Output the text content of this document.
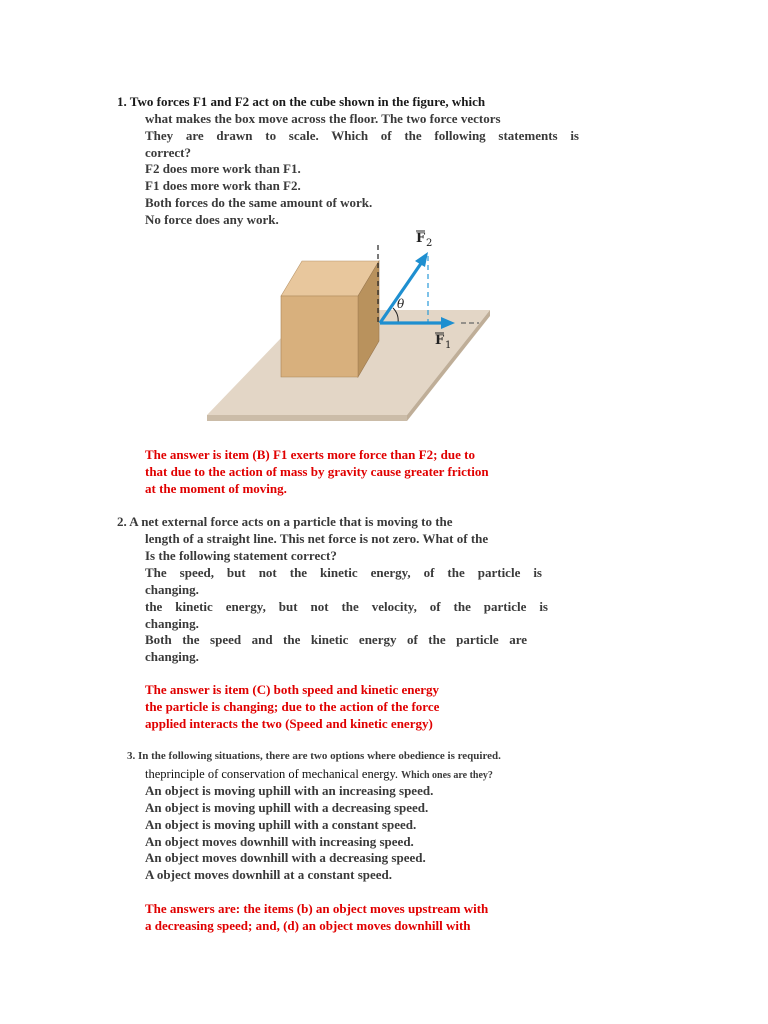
1. Two forces F1 and F2 act on the cube shown in the figure, which
what makes the box move across the floor. The two force vectors
They are drawn to scale. Which of the following statements is
correct?
F2 does more work than F1.
F1 does more work than F2.
Both forces do the same amount of work.
No force does any work.
θ
F 2
F 1
The answer is item (B) F1 exerts more force than F2; due to
that due to the action of mass by gravity cause greater friction
at the moment of moving.
2. A net external force acts on a particle that is moving to the
length of a straight line. This net force is not zero. What of the
Is the following statement correct?
The speed, but not the kinetic energy, of the particle is
changing.
the kinetic energy, but not the velocity, of the particle is
changing.
Both the speed and the kinetic energy of the particle are
changing.
The answer is item (C) both speed and kinetic energy
the particle is changing; due to the action of the force
applied interacts the two (Speed and kinetic energy)
3. In the following situations, there are two options where obedience is required.
theprinciple of conservation of mechanical energy. Which ones are they?
An object is moving uphill with an increasing speed.
An object is moving uphill with a decreasing speed.
An object is moving uphill with a constant speed.
An object moves downhill with increasing speed.
An object moves downhill with a decreasing speed.
A object moves downhill at a constant speed.
The answers are: the items (b) an object moves upstream with
a decreasing speed; and, (d) an object moves downhill with
